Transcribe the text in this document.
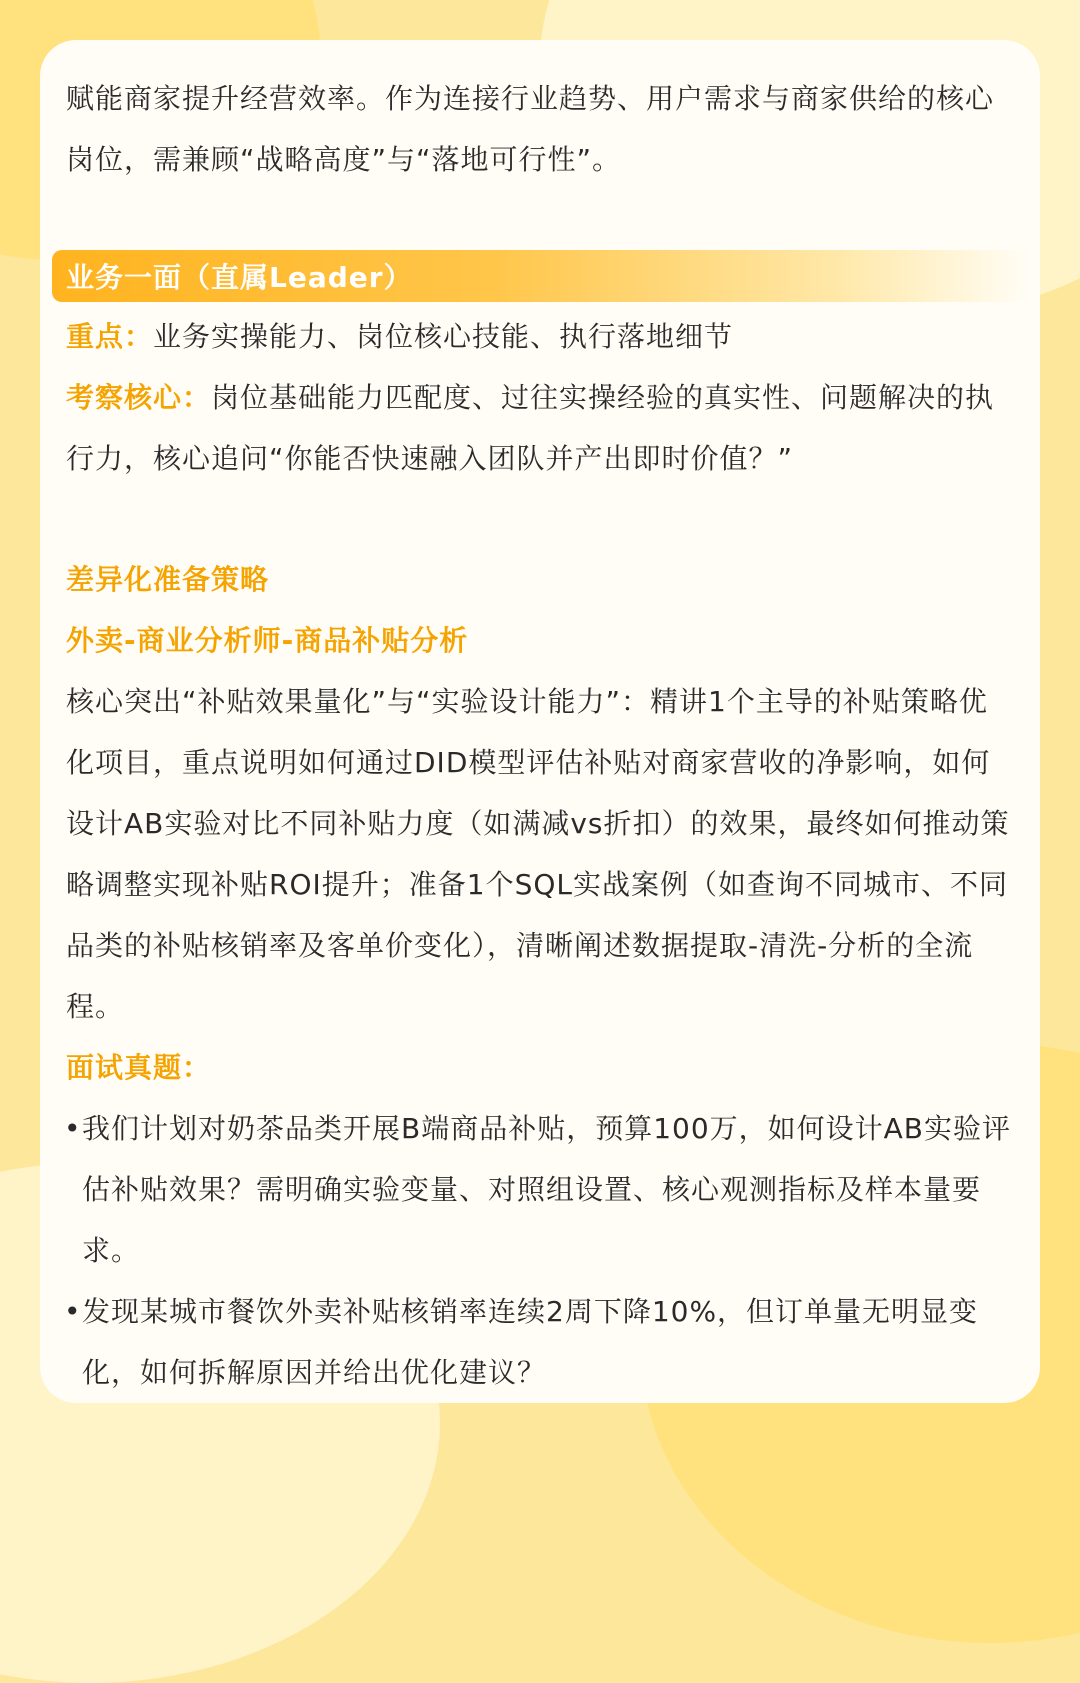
赋能商家提升经营效率。作为连接行业趋势、用户需求与商家供给的核心岗位，需兼顾“战略高度”与“落地可行性”。

业务一面（直属Leader）

重点：业务实操能力、岗位核心技能、执行落地细节

考察核心：岗位基础能力匹配度、过往实操经验的真实性、问题解决的执行力，核心追问“你能否快速融入团队并产出即时价值？”

差异化准备策略

外卖-商业分析师-商品补贴分析

核心突出“补贴效果量化”与“实验设计能力”：精讲1个主导的补贴策略优化项目，重点说明如何通过DID模型评估补贴对商家营收的净影响，如何设计AB实验对比不同补贴力度（如满减vs折扣）的效果，最终如何推动策略调整实现补贴ROI提升；准备1个SQL实战案例（如查询不同城市、不同品类的补贴核销率及客单价变化），清晰阐述数据提取-清洗-分析的全流程。

面试真题：

• 我们计划对奶茶品类开展B端商品补贴，预算100万，如何设计AB实验评估补贴效果？需明确实验变量、对照组设置、核心观测指标及样本量要求。
• 发现某城市餐饮外卖补贴核销率连续2周下降10%，但订单量无明显变化，如何拆解原因并给出优化建议？
